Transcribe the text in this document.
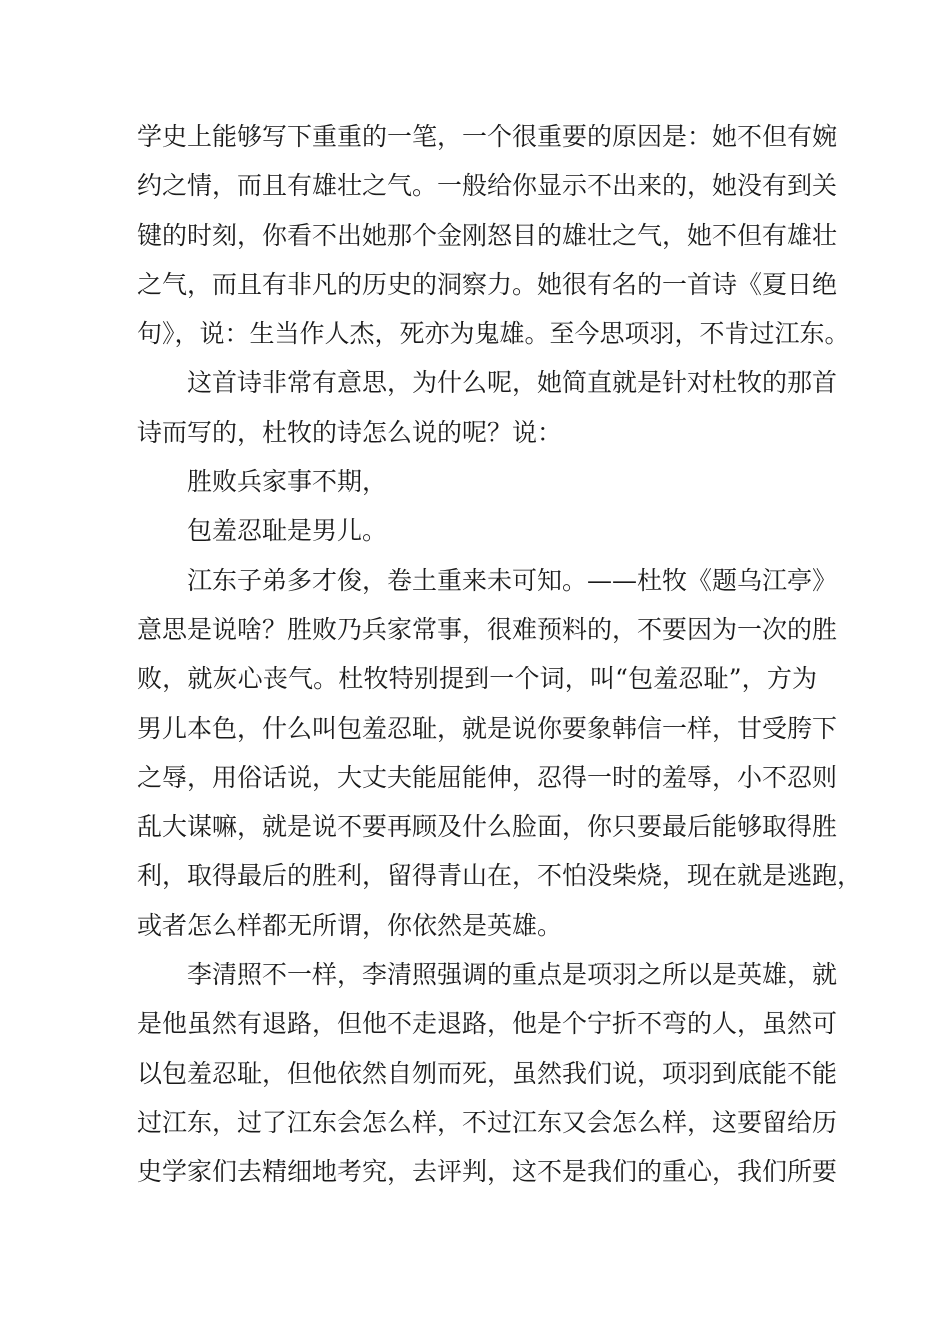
学史上能够写下重重的一笔，一个很重要的原因是：她不但有婉
约之情，而且有雄壮之气。一般给你显示不出来的，她没有到关
键的时刻，你看不出她那个金刚怒目的雄壮之气，她不但有雄壮
之气，而且有非凡的历史的洞察力。她很有名的一首诗《夏日绝
句》，说：生当作人杰，死亦为鬼雄。至今思项羽，不肯过江东。
这首诗非常有意思，为什么呢，她简直就是针对杜牧的那首
诗而写的，杜牧的诗怎么说的呢？说：
胜败兵家事不期，
包羞忍耻是男儿。
江东子弟多才俊，卷土重来未可知。——杜牧《题乌江亭》
意思是说啥？胜败乃兵家常事，很难预料的，不要因为一次的胜
败，就灰心丧气。杜牧特别提到一个词，叫“包羞忍耻”，方为
男儿本色，什么叫包羞忍耻，就是说你要象韩信一样，甘受胯下
之辱，用俗话说，大丈夫能屈能伸，忍得一时的羞辱，小不忍则
乱大谋嘛，就是说不要再顾及什么脸面，你只要最后能够取得胜
利，取得最后的胜利，留得青山在，不怕没柴烧，现在就是逃跑，
或者怎么样都无所谓，你依然是英雄。
李清照不一样，李清照强调的重点是项羽之所以是英雄，就
是他虽然有退路，但他不走退路，他是个宁折不弯的人，虽然可
以包羞忍耻，但他依然自刎而死，虽然我们说，项羽到底能不能
过江东，过了江东会怎么样，不过江东又会怎么样，这要留给历
史学家们去精细地考究，去评判，这不是我们的重心，我们所要
